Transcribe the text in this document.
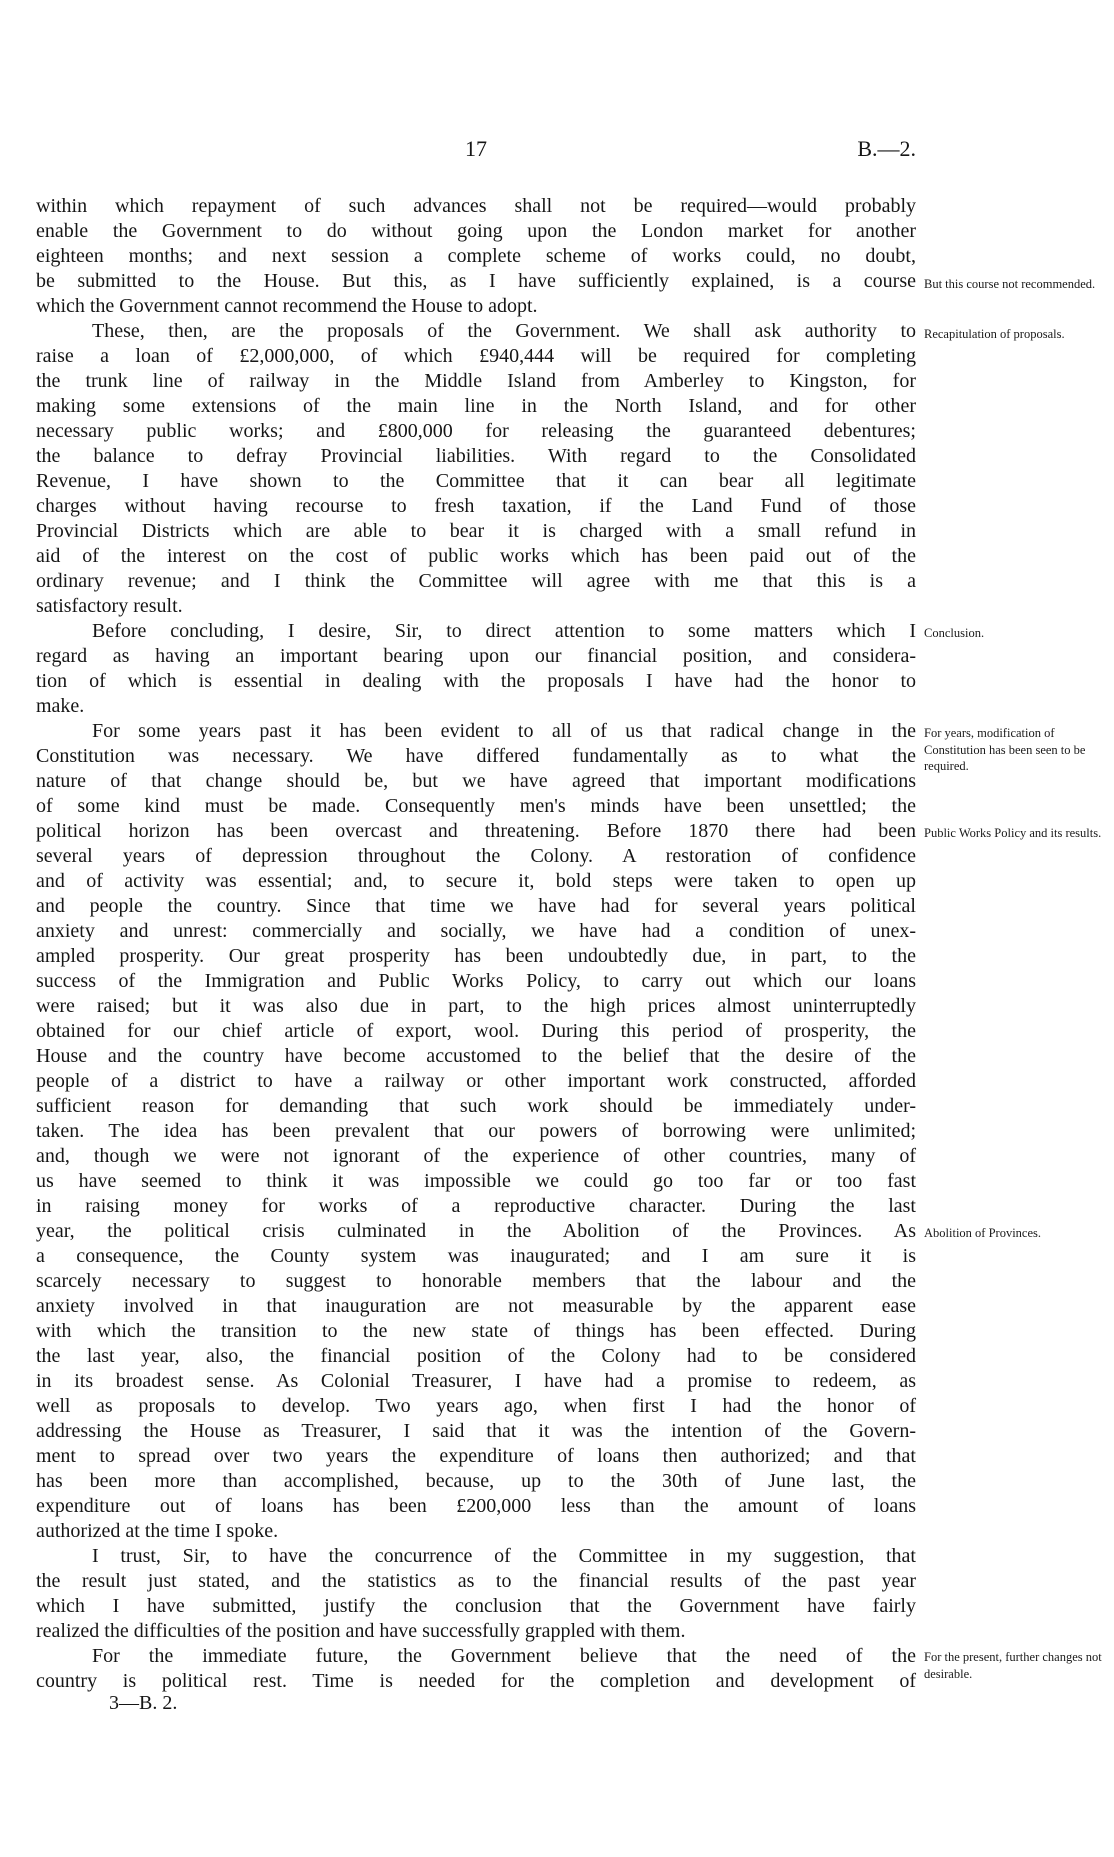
17	B.—2.
within which repayment of such advances shall not be required—would probably
enable the Government to do without going upon the London market for another
eighteen months; and next session a complete scheme of works could, no doubt,
be submitted to the House. But this, as I have sufficiently explained, is a course
which the Government cannot recommend the House to adopt.
These, then, are the proposals of the Government. We shall ask authority to
raise a loan of £2,000,000, of which £940,444 will be required for completing
the trunk line of railway in the Middle Island from Amberley to Kingston, for
making some extensions of the main line in the North Island, and for other
necessary public works; and £800,000 for releasing the guaranteed debentures;
the balance to defray Provincial liabilities. With regard to the Consolidated
Revenue, I have shown to the Committee that it can bear all legitimate
charges without having recourse to fresh taxation, if the Land Fund of those
Provincial Districts which are able to bear it is charged with a small refund in
aid of the interest on the cost of public works which has been paid out of the
ordinary revenue; and I think the Committee will agree with me that this is a
satisfactory result.
Before concluding, I desire, Sir, to direct attention to some matters which I
regard as having an important bearing upon our financial position, and considera-
tion of which is essential in dealing with the proposals I have had the honor to
make.
For some years past it has been evident to all of us that radical change in the
Constitution was necessary. We have differed fundamentally as to what the
nature of that change should be, but we have agreed that important modifications
of some kind must be made. Consequently men's minds have been unsettled; the
political horizon has been overcast and threatening. Before 1870 there had been
several years of depression throughout the Colony. A restoration of confidence
and of activity was essential; and, to secure it, bold steps were taken to open up
and people the country. Since that time we have had for several years political
anxiety and unrest: commercially and socially, we have had a condition of unex-
ampled prosperity. Our great prosperity has been undoubtedly due, in part, to the
success of the Immigration and Public Works Policy, to carry out which our loans
were raised; but it was also due in part, to the high prices almost uninterruptedly
obtained for our chief article of export, wool. During this period of prosperity, the
House and the country have become accustomed to the belief that the desire of the
people of a district to have a railway or other important work constructed, afforded
sufficient reason for demanding that such work should be immediately under-
taken. The idea has been prevalent that our powers of borrowing were unlimited;
and, though we were not ignorant of the experience of other countries, many of
us have seemed to think it was impossible we could go too far or too fast
in raising money for works of a reproductive character. During the last
year, the political crisis culminated in the Abolition of the Provinces. As
a consequence, the County system was inaugurated; and I am sure it is
scarcely necessary to suggest to honorable members that the labour and the
anxiety involved in that inauguration are not measurable by the apparent ease
with which the transition to the new state of things has been effected. During
the last year, also, the financial position of the Colony had to be considered
in its broadest sense. As Colonial Treasurer, I have had a promise to redeem, as
well as proposals to develop. Two years ago, when first I had the honor of
addressing the House as Treasurer, I said that it was the intention of the Govern-
ment to spread over two years the expenditure of loans then authorized; and that
has been more than accomplished, because, up to the 30th of June last, the
expenditure out of loans has been £200,000 less than the amount of loans
authorized at the time I spoke.
I trust, Sir, to have the concurrence of the Committee in my suggestion, that
the result just stated, and the statistics as to the financial results of the past year
which I have submitted, justify the conclusion that the Government have fairly
realized the difficulties of the position and have successfully grappled with them.
For the immediate future, the Government believe that the need of the
country is political rest. Time is needed for the completion and development of
But this course not recommended.
Recapitulation of proposals.
Conclusion.
For years, modification of Constitution has been seen to be required.
Public Works Policy and its results.
Abolition of Provinces.
For the present, further changes not desirable.
3—B. 2.
